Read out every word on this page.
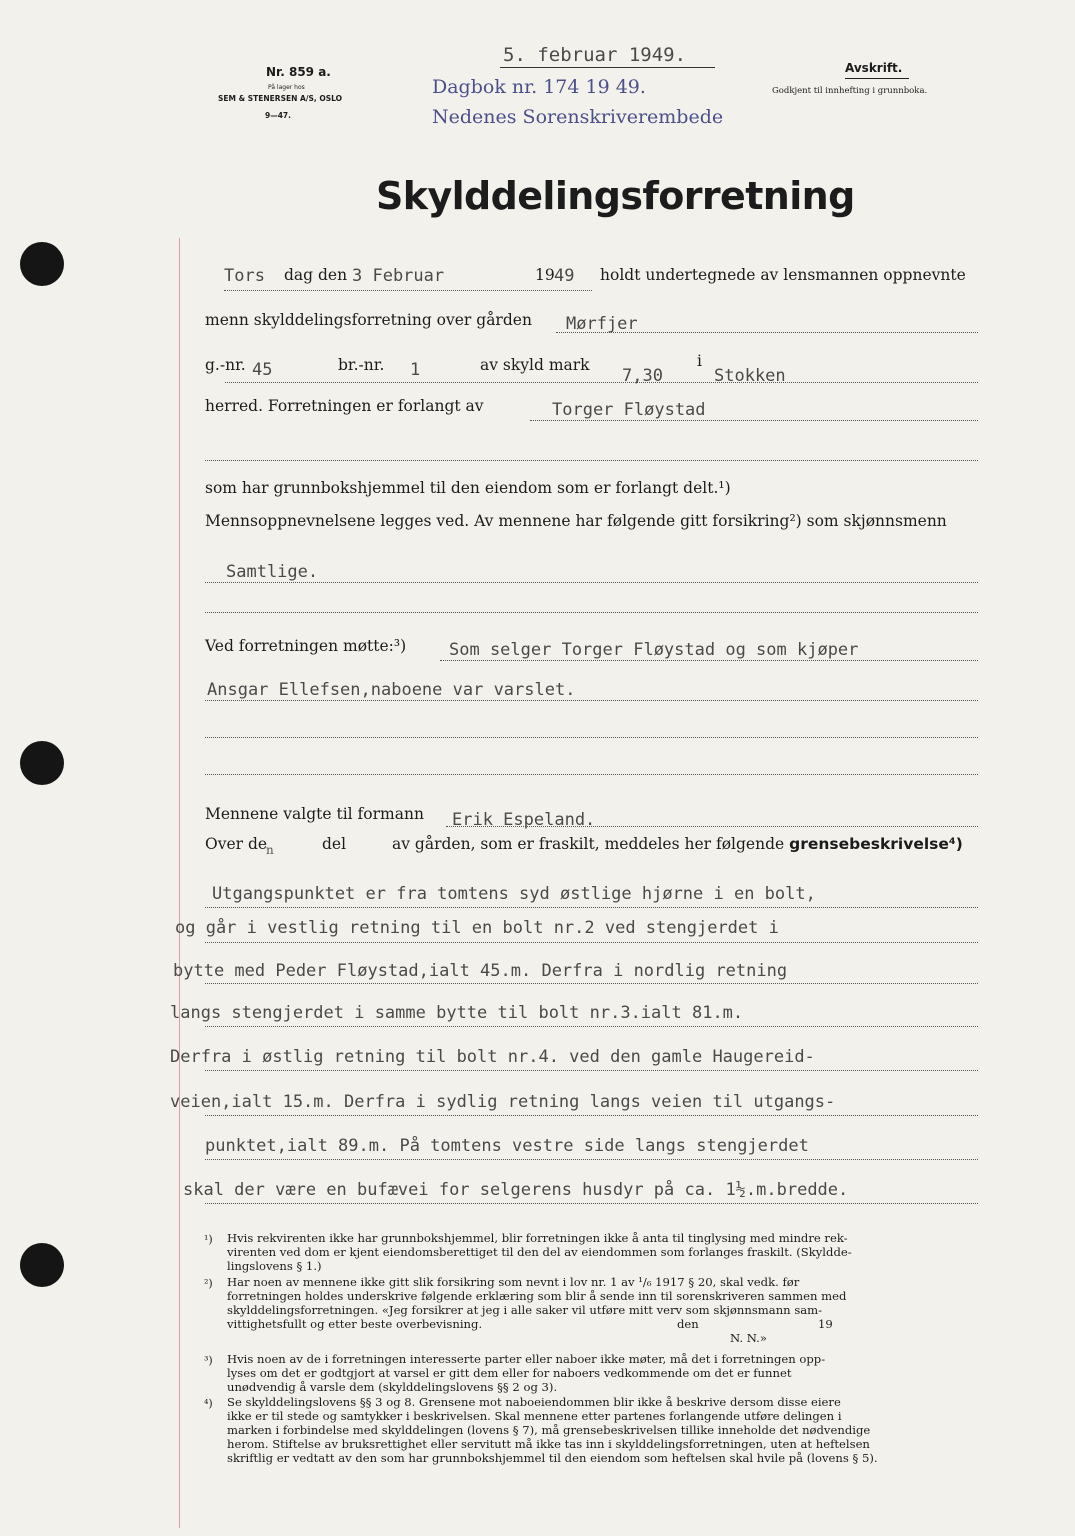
Nr. 859 a.
På lager hos
SEM & STENERSEN A/S, OSLO
9—47.
5. februar 1949.
Dagbok nr. 174 19 49.
Nedenes Sorenskriverembede
Avskrift.
Godkjent til innhefting i grunnboka.
Skylddelingsforretning
Tors dag den 3 Februar	19 49 holdt undertegnede av lensmannen oppnevnte
menn skylddelingsforretning over gården Mørfjer
g.-nr. 45	br.-nr. 1	av skyld mark
7,30
i
Stokken
herred. Forretningen er forlangt av	Torger Fløystad
som har grunnbokshjemmel til den eiendom som er forlangt delt.¹)
Mennsoppnevnelsene legges ved. Av mennene har følgende gitt forsikring²) som skjønnsmenn
Samtlige.
Ved forretningen møtte:³)	Som selger Torger Fløystad og som kjøper
Ansgar Ellefsen,naboene var varslet.
Mennene valgte til formann Erik Espeland.
Over de
n	del	av gården, som er fraskilt, meddeles her følgende grensebeskrivelse⁴)
Utgangspunktet er fra tomtens syd østlige hjørne i en bolt,
og går i vestlig retning til en bolt nr.2 ved stengjerdet i
bytte med Peder Fløystad,ialt 45.m. Derfra i nordlig retning
langs stengjerdet i samme bytte til bolt nr.3.ialt 81.m.
Derfra i østlig retning til bolt nr.4. ved den gamle Haugereid-
veien,ialt 15.m. Derfra i sydlig retning langs veien til utgangs-
punktet,ialt 89.m. På tomtens vestre side langs stengjerdet
skal der være en bufævei for selgerens husdyr på ca. 1½.m.bredde.
¹) Hvis rekvirenten ikke har grunnbokshjemmel, blir forretningen ikke å anta til tinglysing med mindre rek-
virenten ved dom er kjent eiendomsberettiget til den del av eiendommen som forlanges fraskilt. (Skyldde-
lingslovens § 1.)
²) Har noen av mennene ikke gitt slik forsikring som nevnt i lov nr. 1 av ¹/₆ 1917 § 20, skal vedk. før
forretningen holdes underskrive følgende erklæring som blir å sende inn til sorenskriveren sammen med
skylddelingsforretningen. «Jeg forsikrer at jeg i alle saker vil utføre mitt verv som skjønnsmann sam-
vittighetsfullt og etter beste overbevisning.	den	19
N. N.»
³) Hvis noen av de i forretningen interesserte parter eller naboer ikke møter, må det i forretningen opp-
lyses om det er godtgjort at varsel er gitt dem eller for naboers vedkommende om det er funnet
unødvendig å varsle dem (skylddelingslovens §§ 2 og 3).
⁴) Se skylddelingslovens §§ 3 og 8. Grensene mot naboeiendommen blir ikke å beskrive dersom disse eiere
ikke er til stede og samtykker i beskrivelsen. Skal mennene etter partenes forlangende utføre delingen i
marken i forbindelse med skylddelingen (lovens § 7), må grensebeskrivelsen tillike inneholde det nødvendige
herom. Stiftelse av bruksrettighet eller servitutt må ikke tas inn i skylddelingsforretningen, uten at heftelsen
skriftlig er vedtatt av den som har grunnbokshjemmel til den eiendom som heftelsen skal hvile på (lovens § 5).
